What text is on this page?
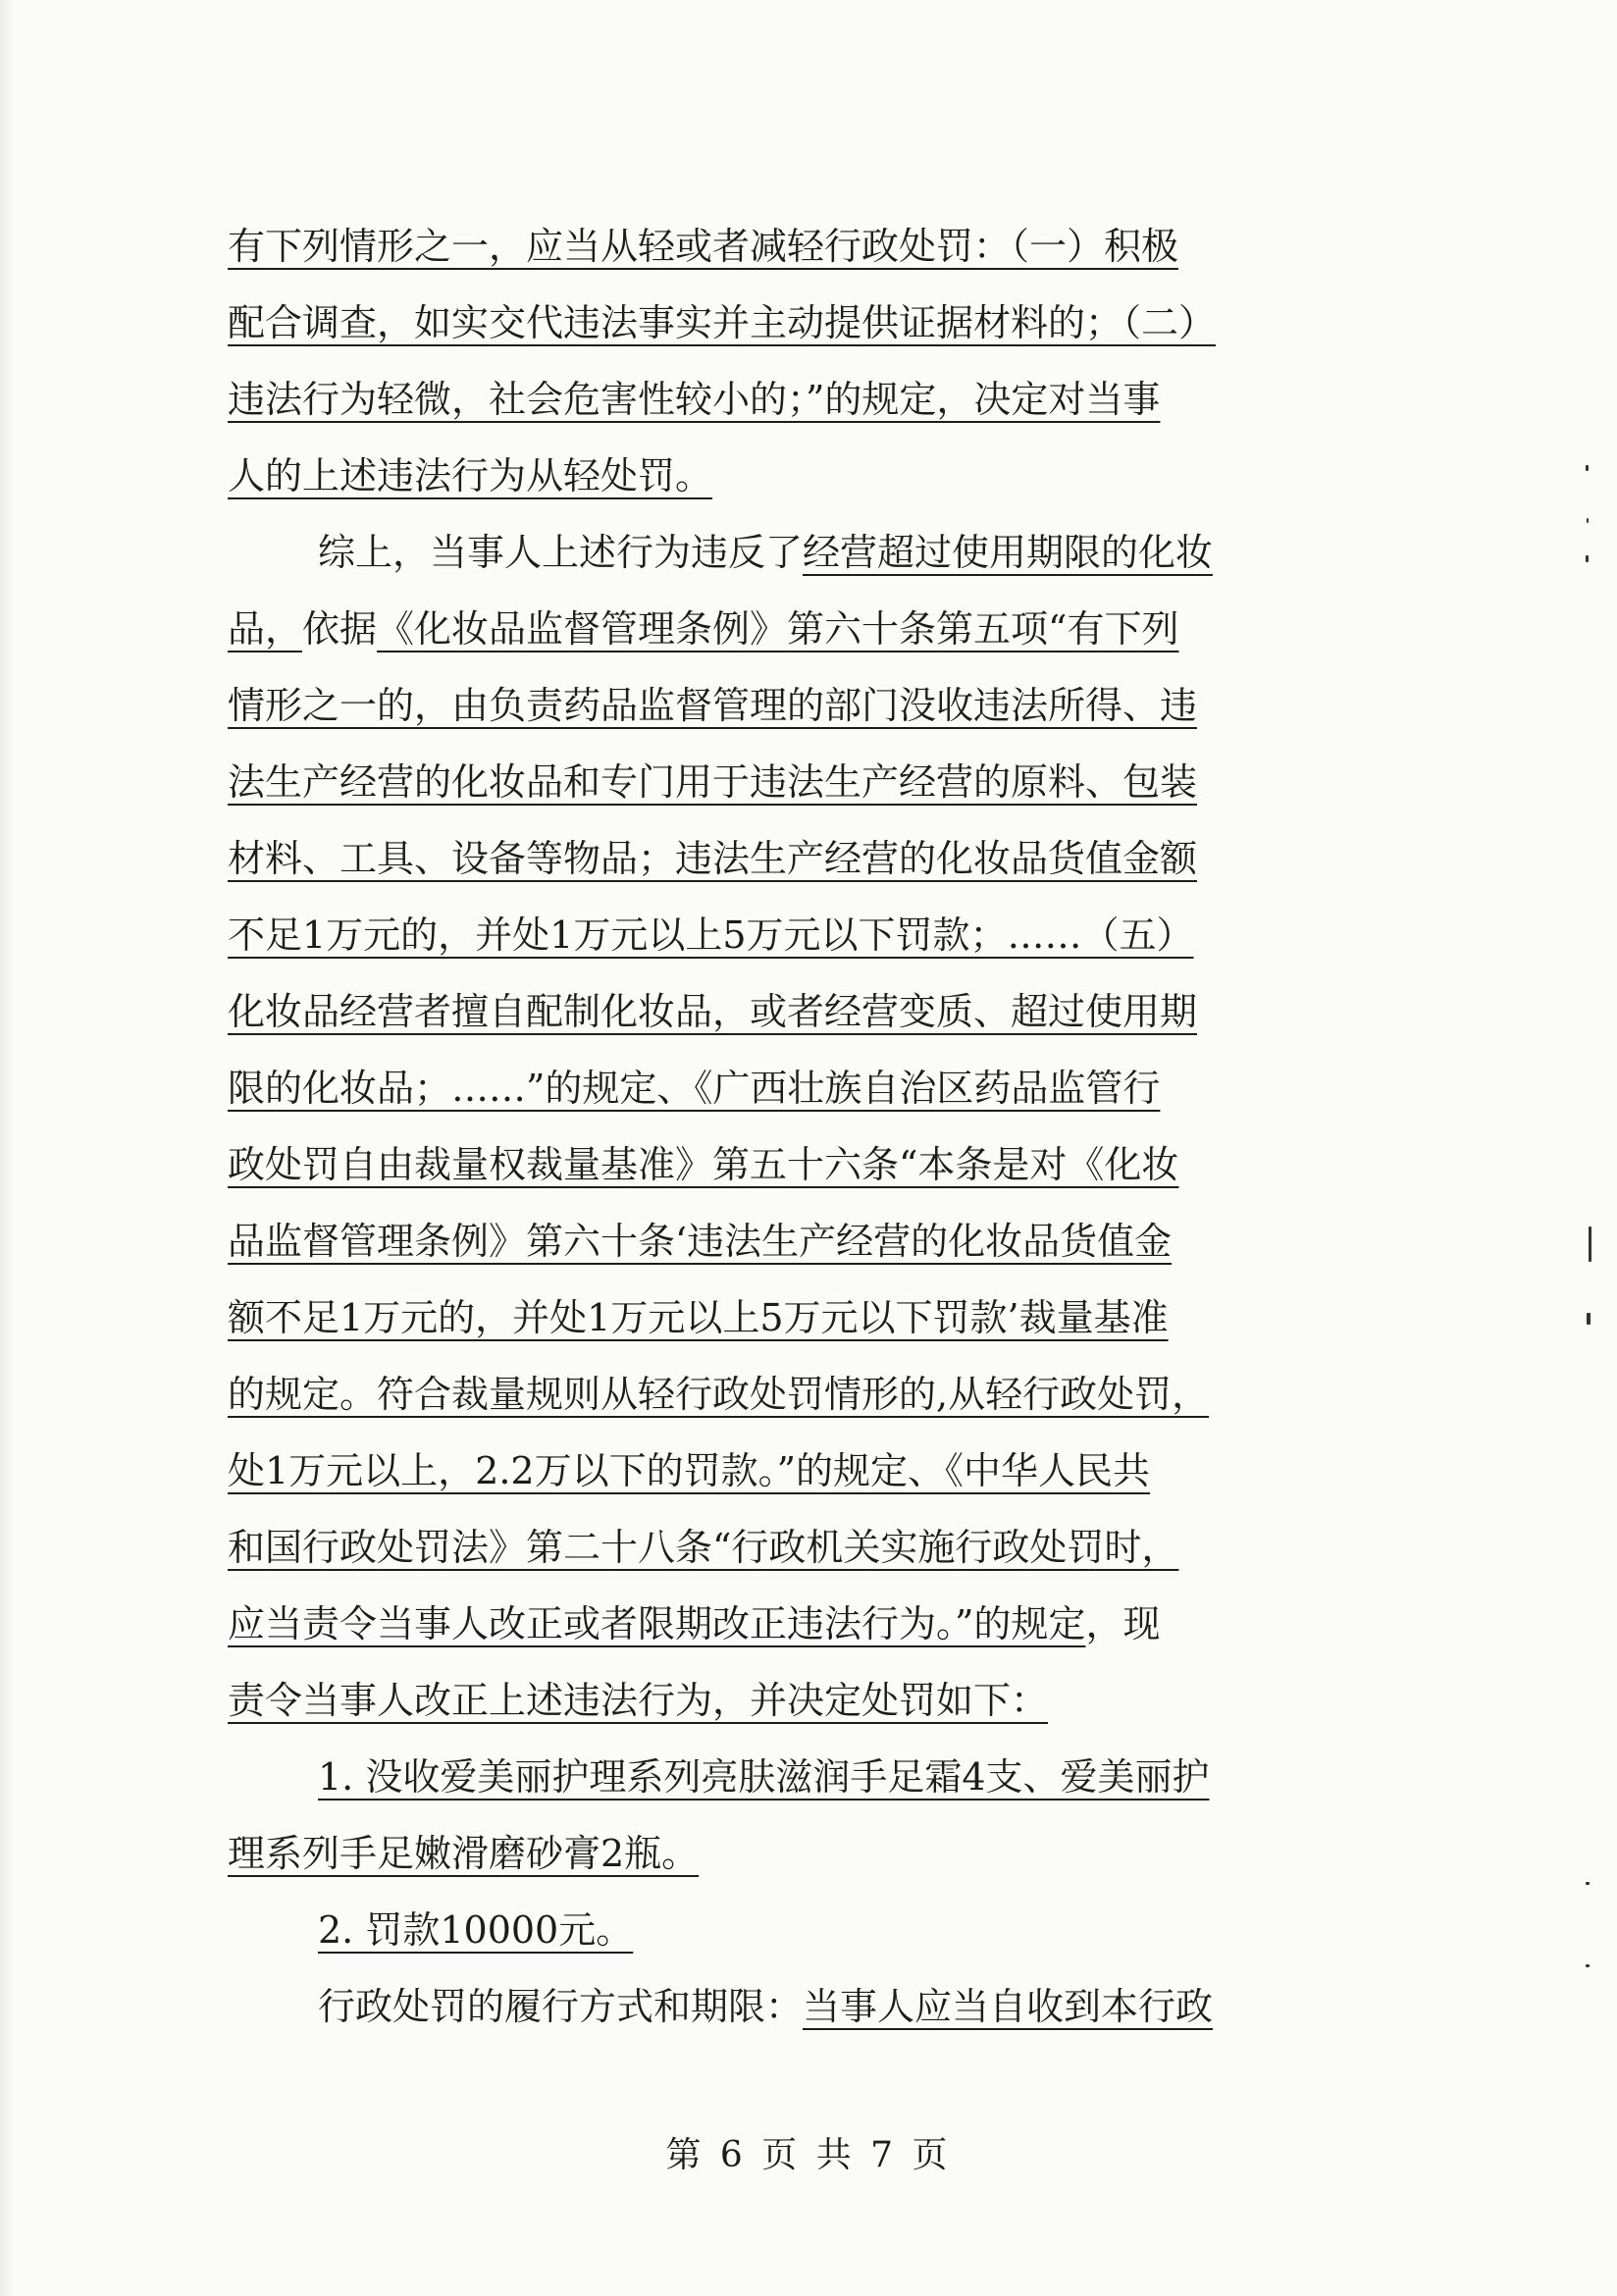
有下列情形之一，应当从轻或者减轻行政处罚：（一）积极
配合调查，如实交代违法事实并主动提供证据材料的；（二）
违法行为轻微，社会危害性较小的；”的规定，决定对当事
人的上述违法行为从轻处罚。
综上，当事人上述行为违反了经营超过使用期限的化妆
品，依据《化妆品监督管理条例》第六十条第五项“有下列
情形之一的，由负责药品监督管理的部门没收违法所得、违
法生产经营的化妆品和专门用于违法生产经营的原料、包装
材料、工具、设备等物品；违法生产经营的化妆品货值金额
不足1万元的，并处1万元以上5万元以下罚款；……（五）
化妆品经营者擅自配制化妆品，或者经营变质、超过使用期
限的化妆品；……”的规定、《广西壮族自治区药品监管行
政处罚自由裁量权裁量基准》第五十六条“本条是对《化妆
品监督管理条例》第六十条‘违法生产经营的化妆品货值金
额不足1万元的，并处1万元以上5万元以下罚款’裁量基准
的规定。符合裁量规则从轻行政处罚情形的,从轻行政处罚，
处1万元以上，2.2万以下的罚款。”的规定、《中华人民共
和国行政处罚法》第二十八条“行政机关实施行政处罚时，
应当责令当事人改正或者限期改正违法行为。”的规定，现
责令当事人改正上述违法行为，并决定处罚如下：
1. 没收爱美丽护理系列亮肤滋润手足霜4支、爱美丽护
理系列手足嫩滑磨砂膏2瓶。
2. 罚款10000元。
行政处罚的履行方式和期限：当事人应当自收到本行政
第 6 页 共 7 页
